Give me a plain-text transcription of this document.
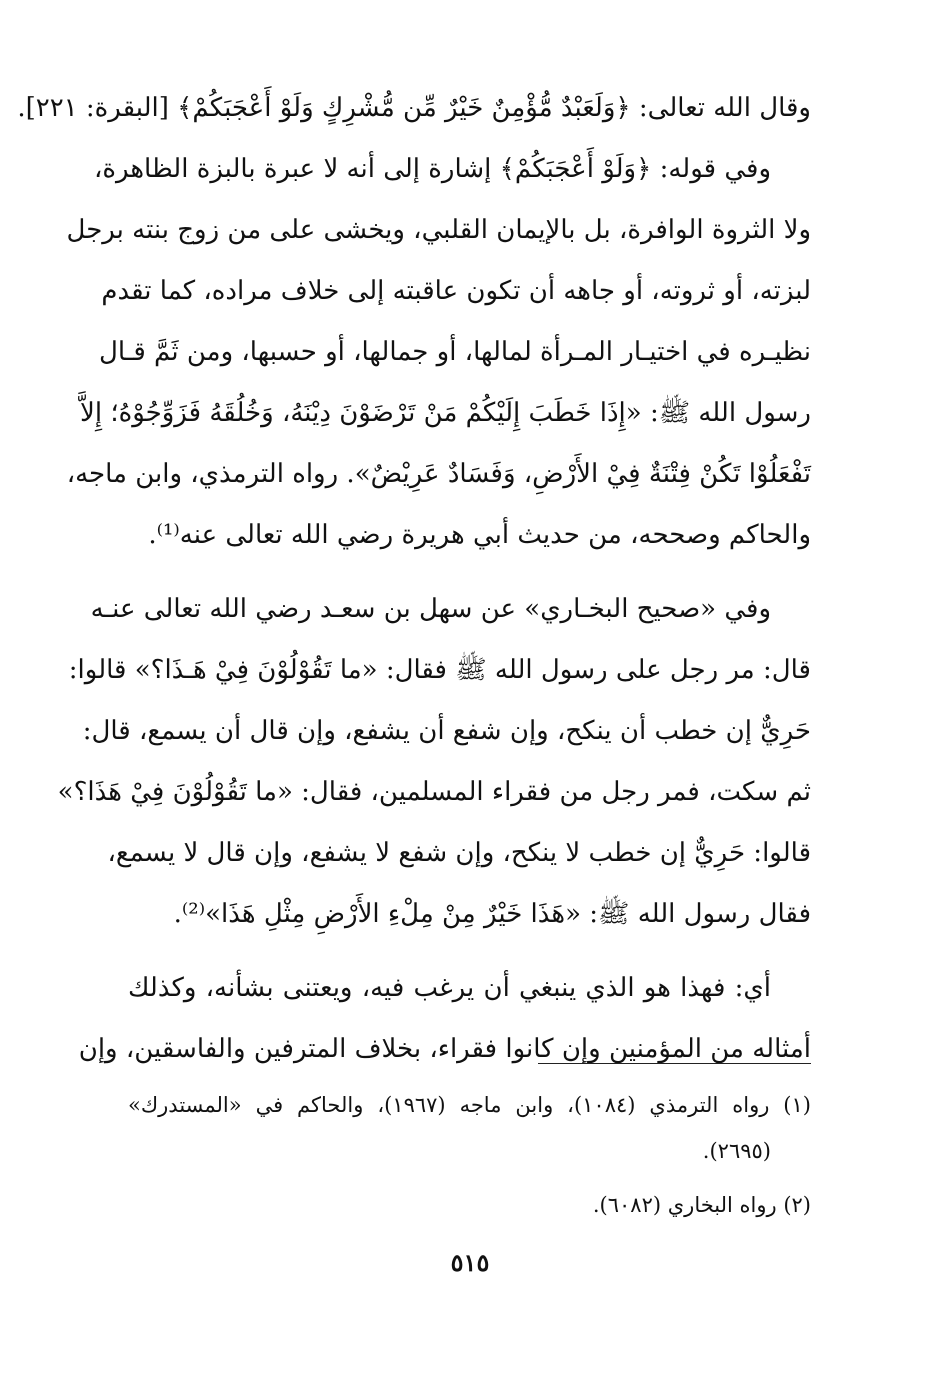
وقال الله تعالى: ﴿وَلَعَبْدٌ مُّؤْمِنٌ خَيْرٌ مِّن مُّشْرِكٍ وَلَوْ أَعْجَبَكُمْ﴾ [البقرة: ٢٢١].
وفي قوله: ﴿وَلَوْ أَعْجَبَكُمْ﴾ إشارة إلى أنه لا عبرة بالبزة الظاهرة،
ولا الثروة الوافرة، بل بالإيمان القلبي، ويخشى على من زوج بنته برجل
لبزته، أو ثروته، أو جاهه أن تكون عاقبته إلى خلاف مراده، كما تقدم
نظيـره في اختيـار المـرأة لمالها، أو جمالها، أو حسبها، ومن ثَمَّ قـال
رسول الله ﷺ: «إِذَا خَطَبَ إِلَيْكُمْ مَنْ تَرْضَوْنَ دِيْنَهُ، وَخُلُقَهُ فَزَوِّجُوْهُ؛ إِلاَّ
تَفْعَلُوْا تَكُنْ فِتْنَةٌ فِيْ الأَرْضِ، وَفَسَادٌ عَرِيْضٌ». رواه الترمذي، وابن ماجه،
والحاكم وصححه، من حديث أبي هريرة رضي الله تعالى عنه⁽¹⁾.
وفي «صحيح البخـاري» عن سهل بن سعـد رضي الله تعالى عنـه
قال: مر رجل على رسول الله ﷺ فقال: «ما تَقُوْلُوْنَ فِيْ هَـذَا؟» قالوا:
حَرِيٌّ إن خطب أن ينكح، وإن شفع أن يشفع، وإن قال أن يسمع، قال:
ثم سكت، فمر رجل من فقراء المسلمين، فقال: «ما تَقُوْلُوْنَ فِيْ هَذَا؟»
قالوا: حَرِيٌّ إن خطب لا ينكح، وإن شفع لا يشفع، وإن قال لا يسمع،
فقال رسول الله ﷺ: «هَذَا خَيْرٌ مِنْ مِلْءِ الأَرْضِ مِثْلِ هَذَا»⁽²⁾.
أي: فهذا هو الذي ينبغي أن يرغب فيه، ويعتنى بشأنه، وكذلك
أمثاله من المؤمنين وإن كانوا فقراء، بخلاف المترفين والفاسقين، وإن
(١) رواه الترمذي (١٠٨٤)، وابن ماجه (١٩٦٧)، والحاكم في «المستدرك»
(٢٦٩٥).
(٢) رواه البخاري (٦٠٨٢).
٥١٥
